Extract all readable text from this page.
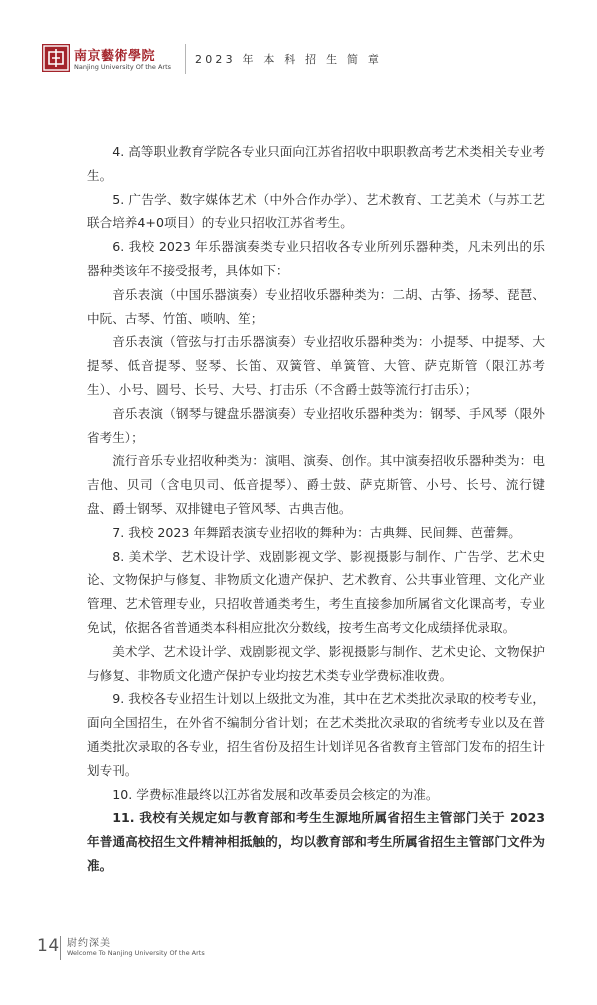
南京藝術學院
Nanjing University Of the Arts
2023 年 本 科 招 生 简 章

4. 高等职业教育学院各专业只面向江苏省招收中职职教高考艺术类相关专业考生。

5. 广告学、数字媒体艺术（中外合作办学）、艺术教育、工艺美术（与苏工艺联合培养4+0项目）的专业只招收江苏省考生。

6. 我校 2023 年乐器演奏类专业只招收各专业所列乐器种类，凡未列出的乐器种类该年不接受报考，具体如下：

音乐表演（中国乐器演奏）专业招收乐器种类为：二胡、古筝、扬琴、琵琶、中阮、古琴、竹笛、唢呐、笙；

音乐表演（管弦与打击乐器演奏）专业招收乐器种类为：小提琴、中提琴、大提琴、低音提琴、竖琴、长笛、双簧管、单簧管、大管、萨克斯管（限江苏考生）、小号、圆号、长号、大号、打击乐（不含爵士鼓等流行打击乐）；

音乐表演（钢琴与键盘乐器演奏）专业招收乐器种类为：钢琴、手风琴（限外省考生）；

流行音乐专业招收种类为：演唱、演奏、创作。其中演奏招收乐器种类为：电吉他、贝司（含电贝司、低音提琴）、爵士鼓、萨克斯管、小号、长号、流行键盘、爵士钢琴、双排键电子管风琴、古典吉他。

7. 我校 2023 年舞蹈表演专业招收的舞种为：古典舞、民间舞、芭蕾舞。

8. 美术学、艺术设计学、戏剧影视文学、影视摄影与制作、广告学、艺术史论、文物保护与修复、非物质文化遗产保护、艺术教育、公共事业管理、文化产业管理、艺术管理专业，只招收普通类考生，考生直接参加所属省文化课高考，专业免试，依据各省普通类本科相应批次分数线，按考生高考文化成绩择优录取。

美术学、艺术设计学、戏剧影视文学、影视摄影与制作、艺术史论、文物保护与修复、非物质文化遗产保护专业均按艺术类专业学费标准收费。

9. 我校各专业招生计划以上级批文为准，其中在艺术类批次录取的校考专业，面向全国招生，在外省不编制分省计划；在艺术类批次录取的省统考专业以及在普通类批次录取的各专业，招生省份及招生计划详见各省教育主管部门发布的招生计划专刊。

10. 学费标准最终以江苏省发展和改革委员会核定的为准。

11. 我校有关规定如与教育部和考生生源地所属省招生主管部门关于 2023 年普通高校招生文件精神相抵触的，均以教育部和考生所属省招生主管部门文件为准。

14 尉约深美
Welcome To Nanjing University Of the Arts
